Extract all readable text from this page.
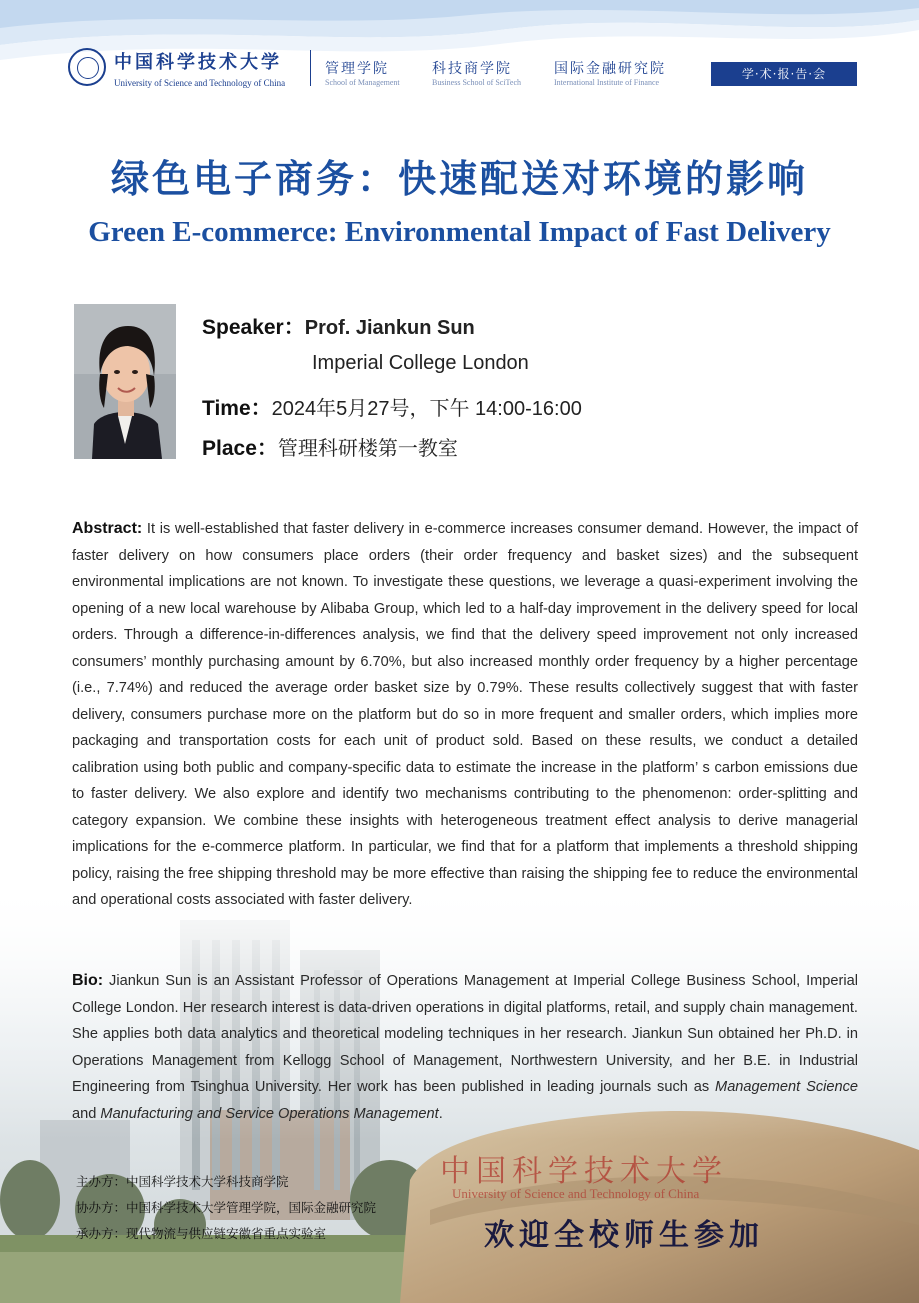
中国科学技术大学
University of Science and Technology of China
管理学院
School of Management
科技商学院
Business School of SciTech
国际金融研究院
International Institute of Finance
学·术·报·告·会
绿色电子商务：快速配送对环境的影响
Green E-commerce: Environmental Impact of Fast Delivery
Speaker：Prof. Jiankun Sun
Imperial College London
Time：2024年5月27号，下午 14:00-16:00
Place：管理科研楼第一教室
Abstract: It is well-established that faster delivery in e-commerce increases consumer demand. However, the impact of faster delivery on how consumers place orders (their order frequency and basket sizes) and the subsequent environmental implications are not known. To investigate these questions, we leverage a quasi-experiment involving the opening of a new local warehouse by Alibaba Group, which led to a half-day improvement in the delivery speed for local orders. Through a difference-in-differences analysis, we find that the delivery speed improvement not only increased consumers’ monthly purchasing amount by 6.70%, but also increased monthly order frequency by a higher percentage (i.e., 7.74%) and reduced the average order basket size by 0.79%. These results collectively suggest that with faster delivery, consumers purchase more on the platform but do so in more frequent and smaller orders, which implies more packaging and transportation costs for each unit of product sold. Based on these results, we conduct a detailed calibration using both public and company-specific data to estimate the increase in the platform’ s carbon emissions due to faster delivery. We also explore and identify two mechanisms contributing to the phenomenon: order-splitting and category expansion. We combine these insights with heterogeneous treatment effect analysis to derive managerial implications for the e-commerce platform. In particular, we find that for a platform that implements a threshold shipping policy, raising the free shipping threshold may be more effective than raising the shipping fee to reduce the environmental and operational costs associated with faster delivery.
Bio: Jiankun Sun is an Assistant Professor of Operations Management at Imperial College Business School, Imperial College London. Her research interest is data-driven operations in digital platforms, retail, and supply chain management. She applies both data analytics and theoretical modeling techniques in her research. Jiankun Sun obtained her Ph.D. in Operations Management from Kellogg School of Management, Northwestern University, and her B.E. in Industrial Engineering from Tsinghua University. Her work has been published in leading journals such as Management Science and Manufacturing and Service Operations Management.
中国科学技术大学
University of Science and Technology of China
主办方：中国科学技术大学科技商学院
协办方：中国科学技术大学管理学院，国际金融研究院
承办方：现代物流与供应链安徽省重点实验室	欢迎全校师生参加
